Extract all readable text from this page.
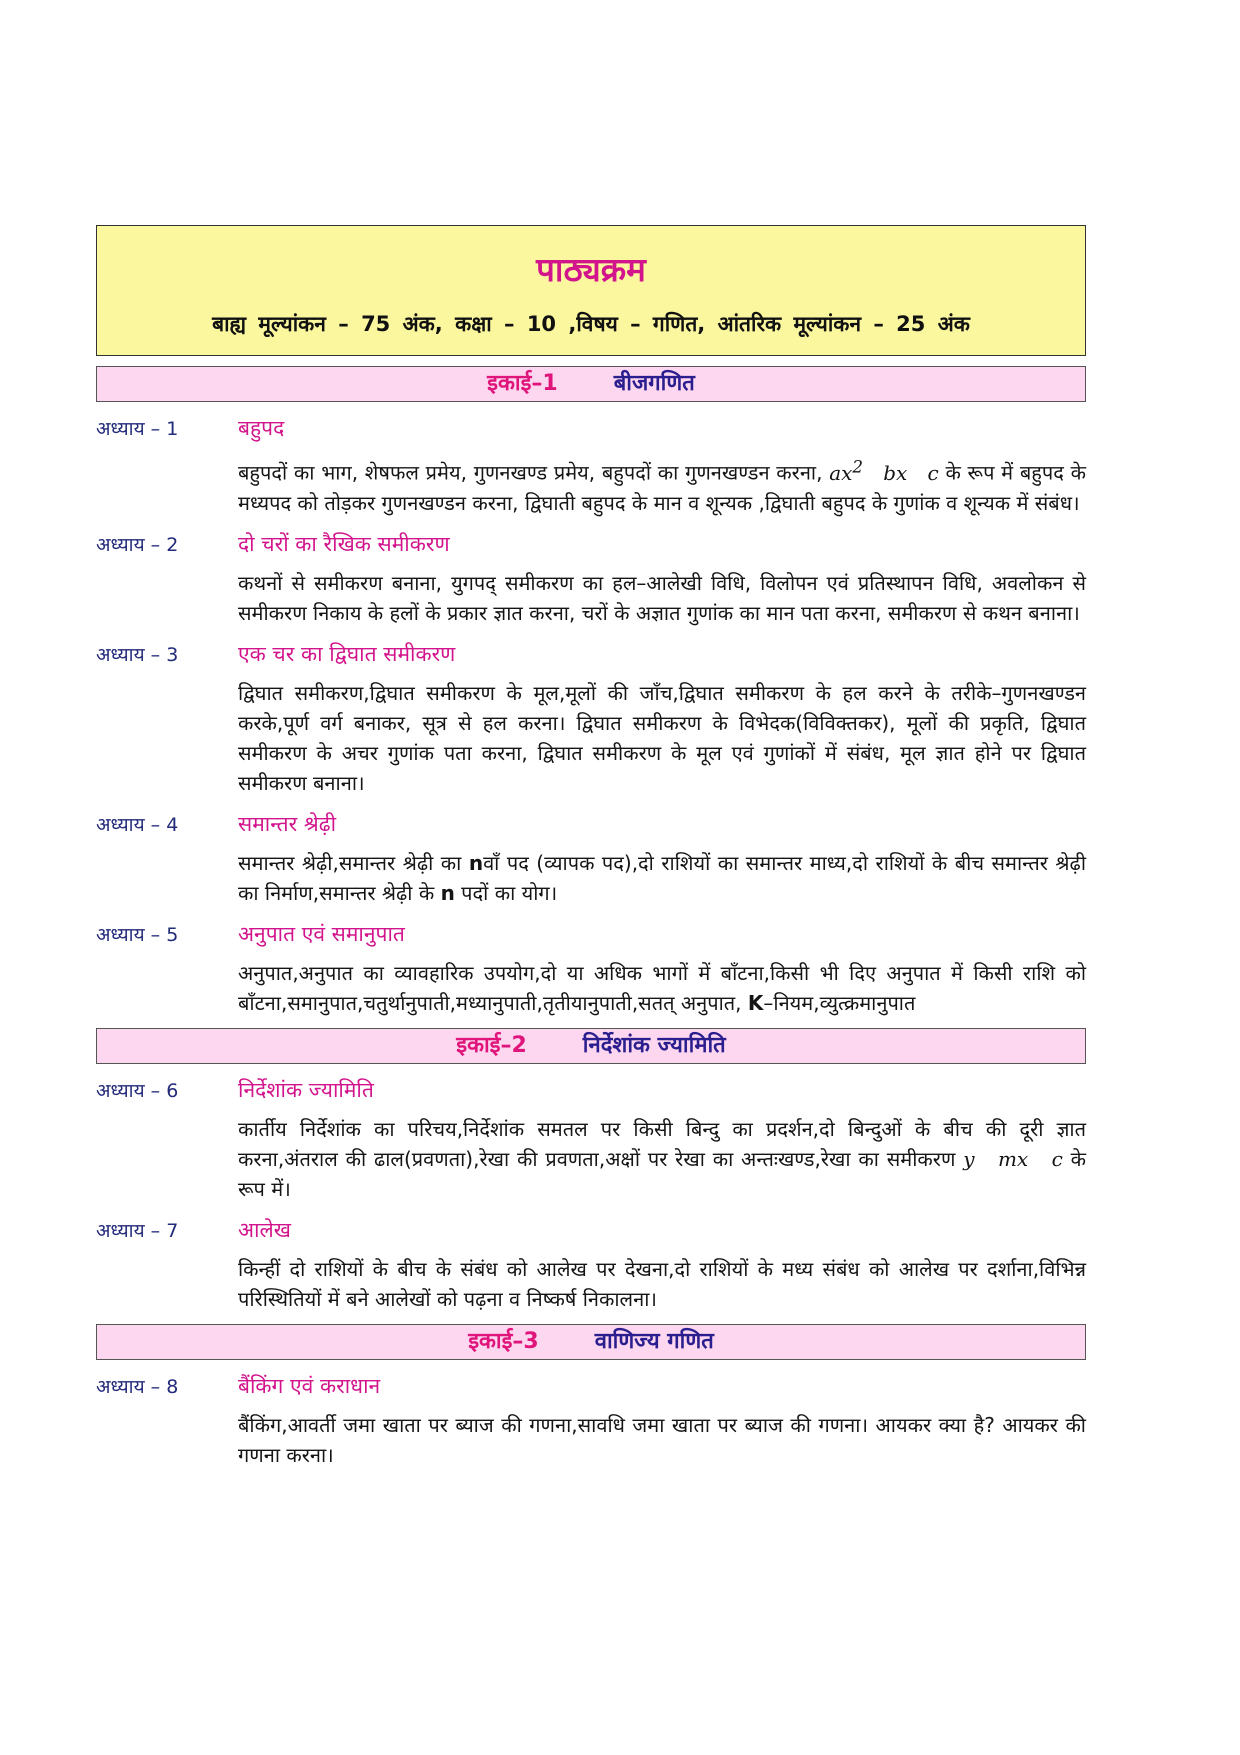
पाठ्यक्रम
बाह्य मूल्यांकन – 75 अंक, कक्षा – 10 ,विषय – गणित, आंतरिक मूल्यांकन – 25 अंक
इकाई–1	बीजगणित
अध्याय – 1	बहुपद
बहुपदों का भाग, शेषफल प्रमेय, गुणनखण्ड प्रमेय, बहुपदों का गुणनखण्डन करना, $ax^2$   bx   c के रूप में बहुपद के मध्यपद को तोड़कर गुणनखण्डन करना, द्विघाती बहुपद के मान व शून्यक ,द्विघाती बहुपद के गुणांक व शून्यक में संबंध।
अध्याय – 2	दो चरों का रैखिक समीकरण
कथनों से समीकरण बनाना, युगपद् समीकरण का हल–आलेखी विधि, विलोपन एवं प्रतिस्थापन विधि, अवलोकन से समीकरण निकाय के हलों के प्रकार ज्ञात करना, चरों के अज्ञात गुणांक का मान पता करना, समीकरण से कथन बनाना।
अध्याय – 3	एक चर का द्विघात समीकरण
द्विघात समीकरण,द्विघात समीकरण के मूल,मूलों की जाँच,द्विघात समीकरण के हल करने के तरीके–गुणनखण्डन करके,पूर्ण वर्ग बनाकर, सूत्र से हल करना। द्विघात समीकरण के विभेदक(विविक्तकर), मूलों की प्रकृति, द्विघात समीकरण के अचर गुणांक पता करना, द्विघात समीकरण के मूल एवं गुणांकों में संबंध, मूल ज्ञात होने पर द्विघात समीकरण बनाना।
अध्याय – 4	समान्तर श्रेढ़ी
समान्तर श्रेढ़ी,समान्तर श्रेढ़ी का nवाँ पद (व्यापक पद),दो राशियों का समान्तर माध्य,दो राशियों के बीच समान्तर श्रेढ़ी का निर्माण,समान्तर श्रेढ़ी के n पदों का योग।
अध्याय – 5	अनुपात एवं समानुपात
अनुपात,अनुपात का व्यावहारिक उपयोग,दो या अधिक भागों में बाँटना,किसी भी दिए अनुपात में किसी राशि को बाँटना,समानुपात,चतुर्थानुपाती,मध्यानुपाती,तृतीयानुपाती,सतत् अनुपात, K–नियम,व्युत्क्रमानुपात
इकाई–2	निर्देशांक ज्यामिति
अध्याय – 6	निर्देशांक ज्यामिति
कार्तीय निर्देशांक का परिचय,निर्देशांक समतल पर किसी बिन्दु का प्रदर्शन,दो बिन्दुओं के बीच की दूरी ज्ञात करना,अंतराल की ढाल(प्रवणता),रेखा की प्रवणता,अक्षों पर रेखा का अन्तःखण्ड,रेखा का समीकरण y   mx   c के रूप में।
अध्याय – 7	आलेख
किन्हीं दो राशियों के बीच के संबंध को आलेख पर देखना,दो राशियों के मध्य संबंध को आलेख पर दर्शाना,विभिन्न परिस्थितियों में बने आलेखों को पढ़ना व निष्कर्ष निकालना।
इकाई–3	वाणिज्य गणित
अध्याय – 8	बैंकिंग एवं कराधान
बैंकिंग,आवर्ती जमा खाता पर ब्याज की गणना,सावधि जमा खाता पर ब्याज की गणना। आयकर क्या है? आयकर की गणना करना।
